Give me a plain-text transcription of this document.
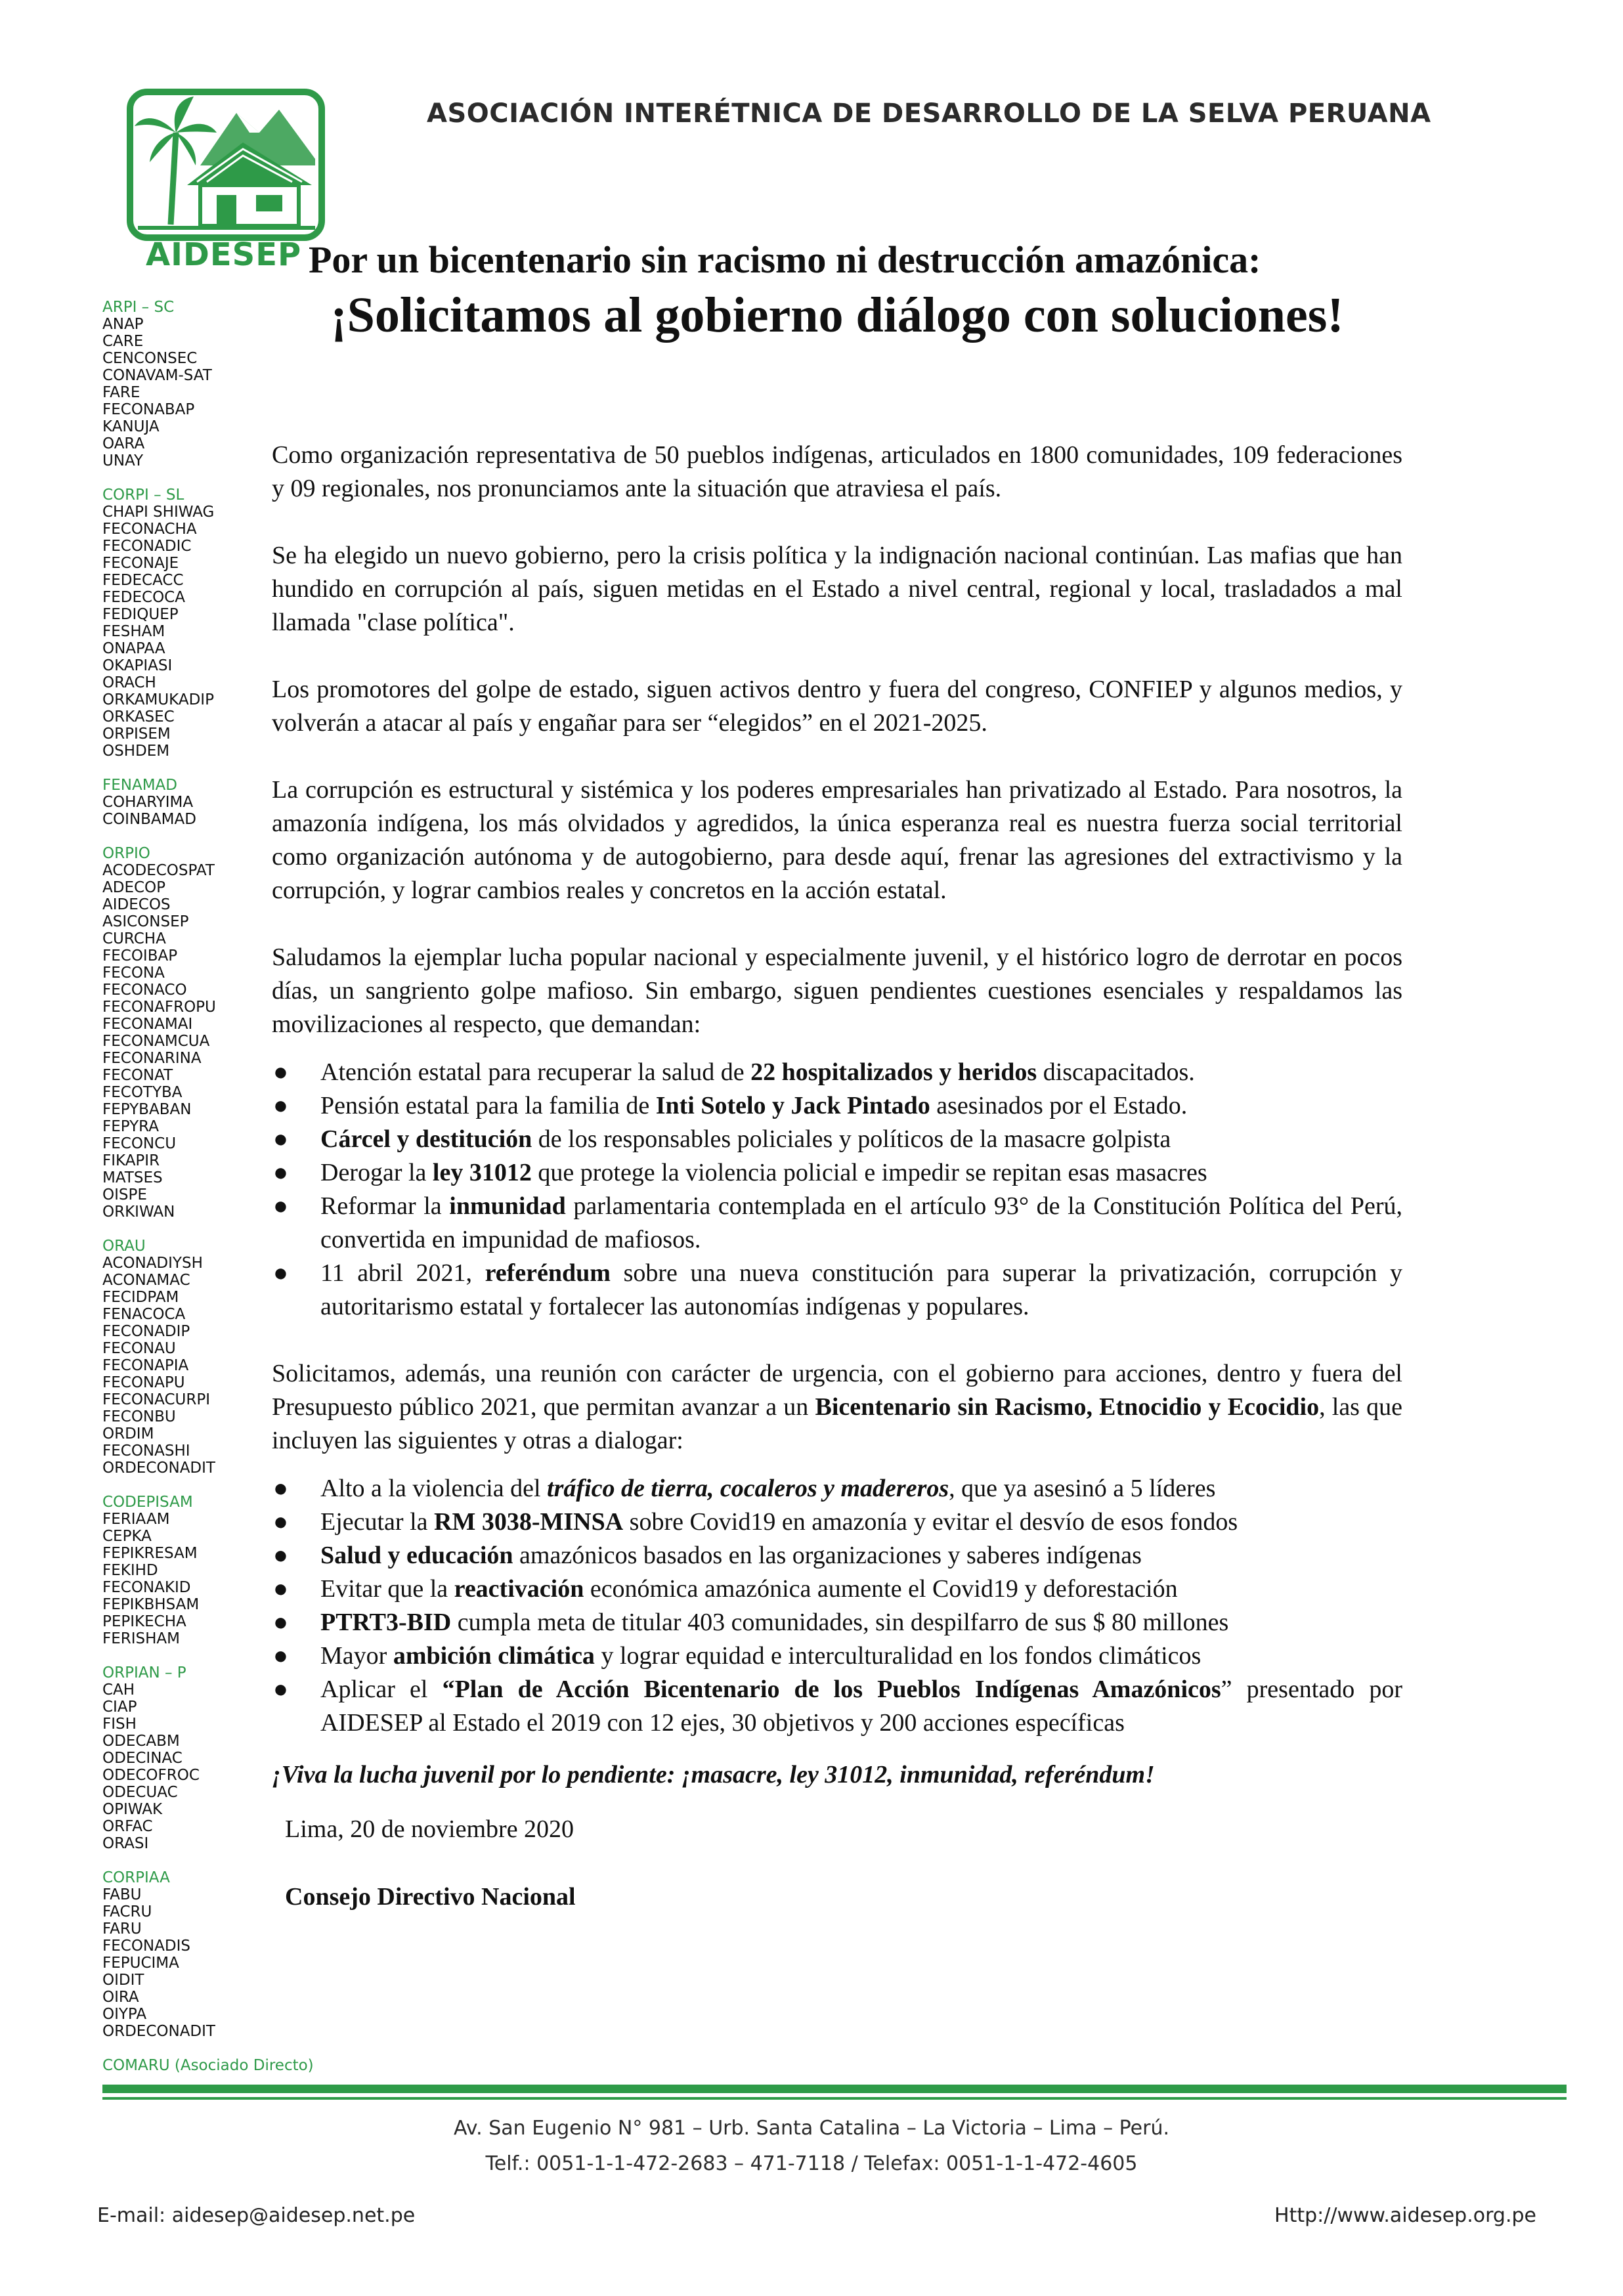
AIDESEP
ASOCIACIÓN INTERÉTNICA DE DESARROLLO DE LA SELVA PERUANA
Por un bicentenario sin racismo ni destrucción amazónica:
¡Solicitamos al gobierno diálogo con soluciones!
ARPI – SC
ANAP
CARE
CENCONSEC
CONAVAM-SAT
FARE
FECONABAP
KANUJA
OARA
UNAY
CORPI – SL
CHAPI SHIWAG
FECONACHA
FECONADIC
FECONAJE
FEDECACC
FEDECOCA
FEDIQUEP
FESHAM
ONAPAA
OKAPIASI
ORACH
ORKAMUKADIP
ORKASEC
ORPISEM
OSHDEM
FENAMAD
COHARYIMA
COINBAMAD
ORPIO
ACODECOSPAT
ADECOP
AIDECOS
ASICONSEP
CURCHA
FECOIBAP
FECONA
FECONACO
FECONAFROPU
FECONAMAI
FECONAMCUA
FECONARINA
FECONAT
FECOTYBA
FEPYBABAN
FEPYRA
FECONCU
FIKAPIR
MATSES
OISPE
ORKIWAN
ORAU
ACONADIYSH
ACONAMAC
FECIDPAM
FENACOCA
FECONADIP
FECONAU
FECONAPIA
FECONAPU
FECONACURPI
FECONBU
ORDIM
FECONASHI
ORDECONADIT
CODEPISAM
FERIAAM
CEPKA
FEPIKRESAM
FEKIHD
FECONAKID
FEPIKBHSAM
PEPIKECHA
FERISHAM
ORPIAN – P
CAH
CIAP
FISH
ODECABM
ODECINAC
ODECOFROC
ODECUAC
OPIWAK
ORFAC
ORASI
CORPIAA
FABU
FACRU
FARU
FECONADIS
FEPUCIMA
OIDIT
OIRA
OIYPA
ORDECONADIT
COMARU (Asociado Directo)

Como organización representativa de 50 pueblos indígenas, articulados en 1800 comunidades, 109 federaciones y 09 regionales, nos pronunciamos ante la situación que atraviesa el país.

Se ha elegido un nuevo gobierno, pero la crisis política y la indignación nacional continúan. Las mafias que han hundido en corrupción al país, siguen metidas en el Estado a nivel central, regional y local, trasladados a mal llamada "clase política".

Los promotores del golpe de estado, siguen activos dentro y fuera del congreso, CONFIEP y algunos medios, y volverán a atacar al país y engañar para ser “elegidos” en el 2021-2025.

La corrupción es estructural y sistémica y los poderes empresariales han privatizado al Estado. Para nosotros, la amazonía indígena, los más olvidados y agredidos, la única esperanza real es nuestra fuerza social territorial como organización autónoma y de autogobierno, para desde aquí, frenar las agresiones del extractivismo y la corrupción, y lograr cambios reales y concretos en la acción estatal.

Saludamos la ejemplar lucha popular nacional y especialmente juvenil, y el histórico logro de derrotar en pocos días, un sangriento golpe mafioso. Sin embargo, siguen pendientes cuestiones esenciales y respaldamos las movilizaciones al respecto, que demandan:

● Atención estatal para recuperar la salud de 22 hospitalizados y heridos discapacitados.
● Pensión estatal para la familia de Inti Sotelo y Jack Pintado asesinados por el Estado.
● Cárcel y destitución de los responsables policiales y políticos de la masacre golpista
● Derogar la ley 31012 que protege la violencia policial e impedir se repitan esas masacres
● Reformar la inmunidad parlamentaria contemplada en el artículo 93° de la Constitución Política del Perú, convertida en impunidad de mafiosos.
● 11 abril 2021, referéndum sobre una nueva constitución para superar la privatización, corrupción y autoritarismo estatal y fortalecer las autonomías indígenas y populares.

Solicitamos, además, una reunión con carácter de urgencia, con el gobierno para acciones, dentro y fuera del Presupuesto público 2021, que permitan avanzar a un Bicentenario sin Racismo, Etnocidio y Ecocidio, las que incluyen las siguientes y otras a dialogar:

● Alto a la violencia del tráfico de tierra, cocaleros y madereros, que ya asesinó a 5 líderes
● Ejecutar la RM 3038-MINSA sobre Covid19 en amazonía y evitar el desvío de esos fondos
● Salud y educación amazónicos basados en las organizaciones y saberes indígenas
● Evitar que la reactivación económica amazónica aumente el Covid19 y deforestación
● PTRT3-BID cumpla meta de titular 403 comunidades, sin despilfarro de sus $ 80 millones
● Mayor ambición climática y lograr equidad e interculturalidad en los fondos climáticos
● Aplicar el “Plan de Acción Bicentenario de los Pueblos Indígenas Amazónicos” presentado por AIDESEP al Estado el 2019 con 12 ejes, 30 objetivos y 200 acciones específicas

¡Viva la lucha juvenil por lo pendiente: ¡masacre, ley 31012, inmunidad, referéndum!

Lima, 20 de noviembre 2020

Consejo Directivo Nacional

Av. San Eugenio N° 981 – Urb. Santa Catalina – La Victoria – Lima – Perú.
Telf.: 0051-1-1-472-2683 – 471-7118 / Telefax: 0051-1-1-472-4605
E-mail: aidesep@aidesep.net.pe	Http://www.aidesep.org.pe
